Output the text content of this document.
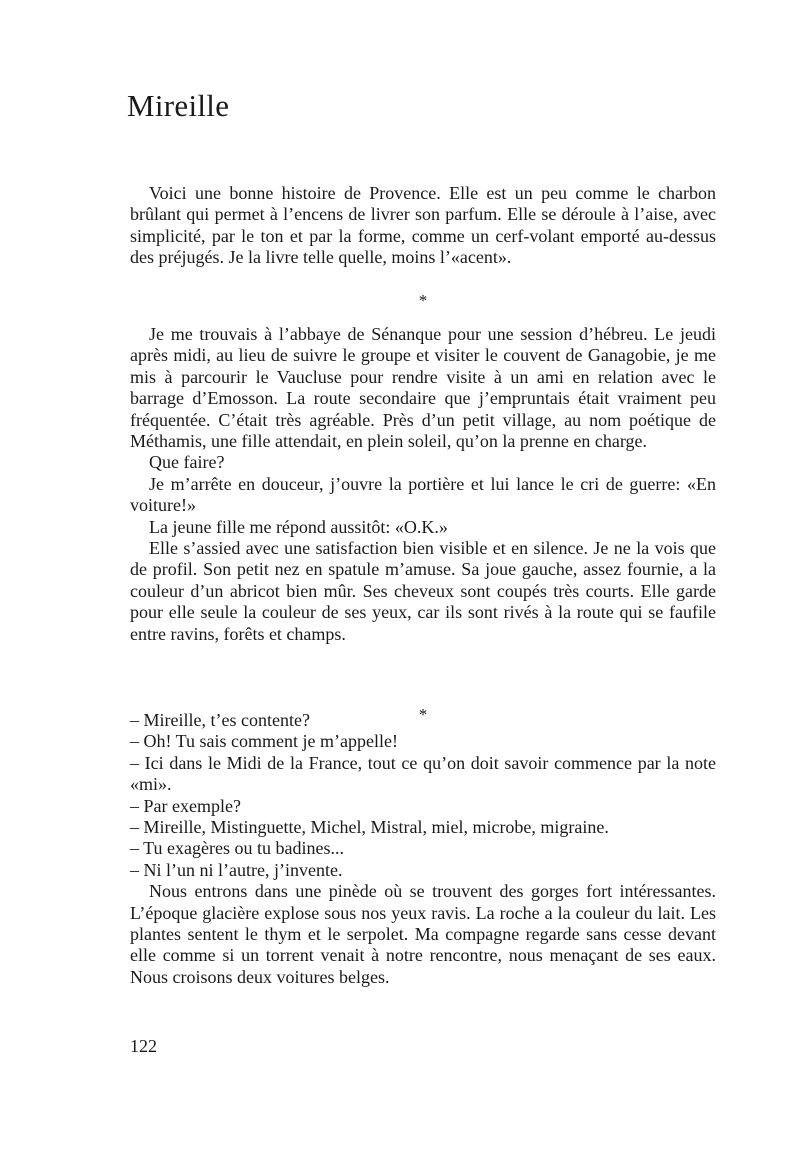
Mireille

Voici une bonne histoire de Provence. Elle est un peu comme le charbon brûlant qui permet à l’encens de livrer son parfum. Elle se déroule à l’aise, avec simplicité, par le ton et par la forme, comme un cerf-volant emporté au-dessus des préjugés. Je la livre telle quelle, moins l’«acent».

*

Je me trouvais à l’abbaye de Sénanque pour une session d’hébreu. Le jeudi après midi, au lieu de suivre le groupe et visiter le couvent de Ganagobie, je me mis à parcourir le Vaucluse pour rendre visite à un ami en relation avec le barrage d’Emosson. La route secondaire que j’empruntais était vraiment peu fréquentée. C’était très agréable. Près d’un petit village, au nom poétique de Méthamis, une fille attendait, en plein soleil, qu’on la prenne en charge.

Que faire?

Je m’arrête en douceur, j’ouvre la portière et lui lance le cri de guerre: «En voiture!»

La jeune fille me répond aussitôt: «O.K.»

Elle s’assied avec une satisfaction bien visible et en silence. Je ne la vois que de profil. Son petit nez en spatule m’amuse. Sa joue gauche, assez fournie, a la couleur d’un abricot bien mûr. Ses cheveux sont coupés très courts. Elle garde pour elle seule la couleur de ses yeux, car ils sont rivés à la route qui se faufile entre ravins, forêts et champs.

*

– Mireille, t’es contente?

– Oh! Tu sais comment je m’appelle!

– Ici dans le Midi de la France, tout ce qu’on doit savoir commence par la note «mi».

– Par exemple?

– Mireille, Mistinguette, Michel, Mistral, miel, microbe, migraine.

– Tu exagères ou tu badines...

– Ni l’un ni l’autre, j’invente.

Nous entrons dans une pinède où se trouvent des gorges fort intéressantes. L’époque glacière explose sous nos yeux ravis. La roche a la couleur du lait. Les plantes sentent le thym et le serpolet. Ma compagne regarde sans cesse devant elle comme si un torrent venait à notre rencontre, nous menaçant de ses eaux. Nous croisons deux voitures belges.

122
